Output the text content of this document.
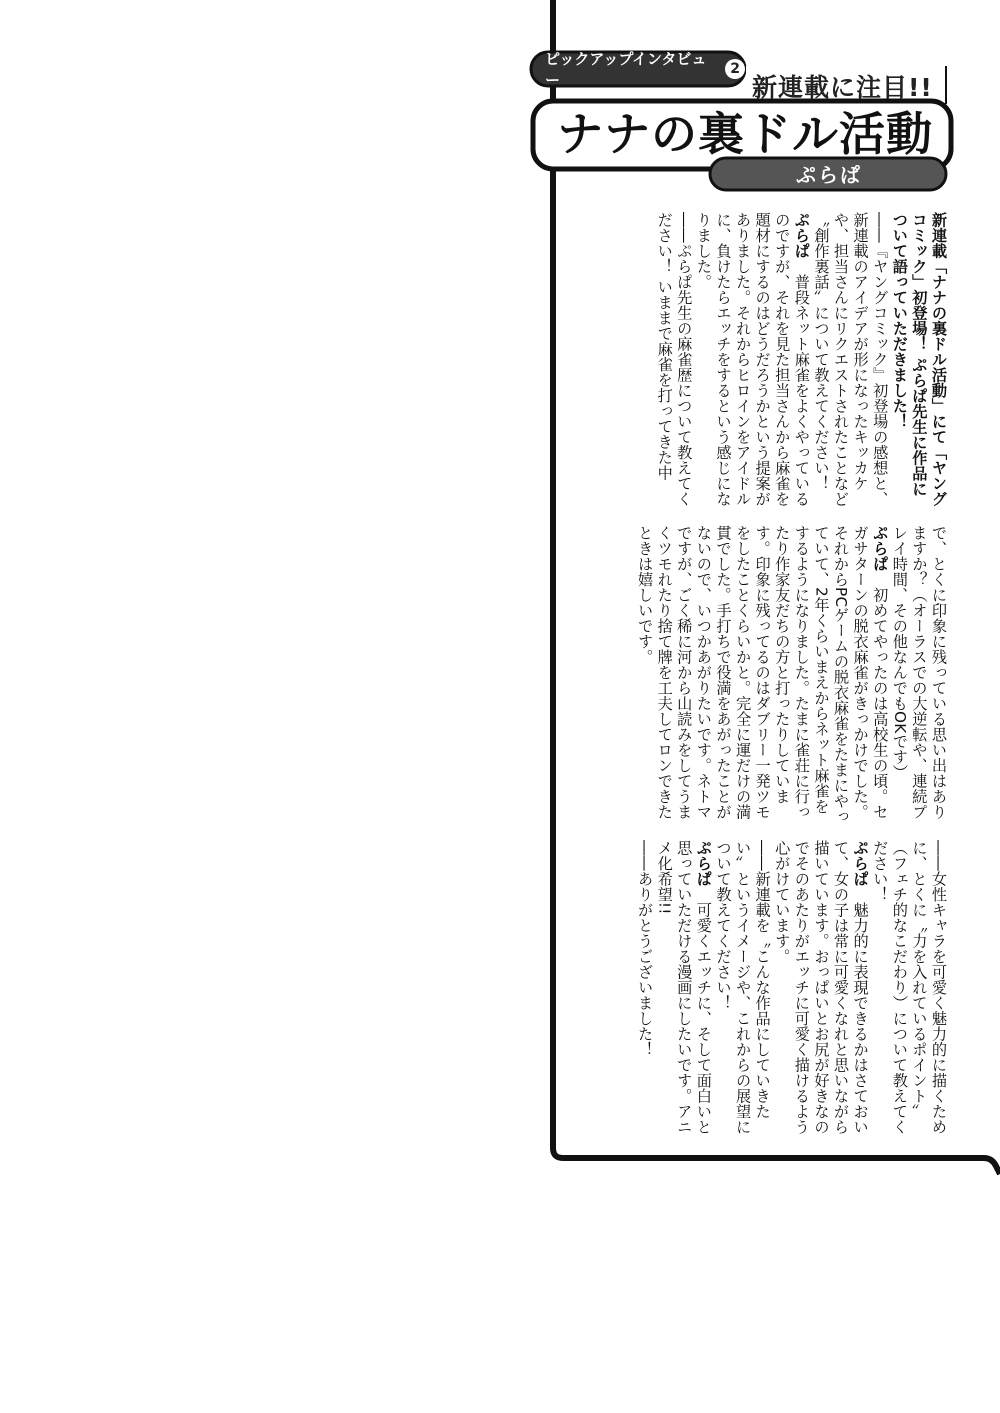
ピックアップインタビュー
2
新連載に注目!!
ナナの裏ドル活動
ぷらぱ

新連載「ナナの裏ドル活動」にて「ヤングコミック」初登場！ ぷらぱ先生に作品について語っていただきました！

――『ヤングコミック』初登場の感想と、新連載のアイデアが形になったキッカケや、担当さんにリクエストされたことなど〝創作裏話〟について教えてください！

ぷらぱ　普段ネット麻雀をよくやっているのですが、それを見た担当さんから麻雀を題材にするのはどうだろうかという提案がありました。それからヒロインをアイドルに、負けたらエッチをするという感じになりました。

――ぷらぱ先生の麻雀歴について教えてください！ いままで麻雀を打ってきた中

で、とくに印象に残っている思い出はありますか？（オーラスでの大逆転や、連続プレイ時間、その他なんでもOKです）

ぷらぱ　初めてやったのは高校生の頃。セガサターンの脱衣麻雀がきっかけでした。それからPCゲームの脱衣麻雀をたまにやっていて、2年くらいまえからネット麻雀をするようになりました。たまに雀荘に行ったり作家友だちの方と打ったりしています。印象に残ってるのはダブリー一発ツモをしたことくらいかと。完全に運だけの満貫でした。手打ちで役満をあがったことがないので、いつかあがりたいです。ネトマですが、ごく稀に河から山読みをしてうまくツモれたり捨て牌を工夫してロンできたときは嬉しいです。

――女性キャラを可愛く魅力的に描くために、とくに〝力を入れているポイント〟（フェチ的なこだわり）について教えてください！

ぷらぱ　魅力的に表現できるかはさておいて、女の子は常に可愛くなれと思いながら描いています。おっぱいとお尻が好きなのでそのあたりがエッチに可愛く描けるよう心がけています。

――新連載を〝こんな作品にしていきたい〟というイメージや、これからの展望について教えてください！

ぷらぱ　可愛くエッチに、そして面白いと思っていただける漫画にしたいです。アニメ化希望!!

――ありがとうございました！
